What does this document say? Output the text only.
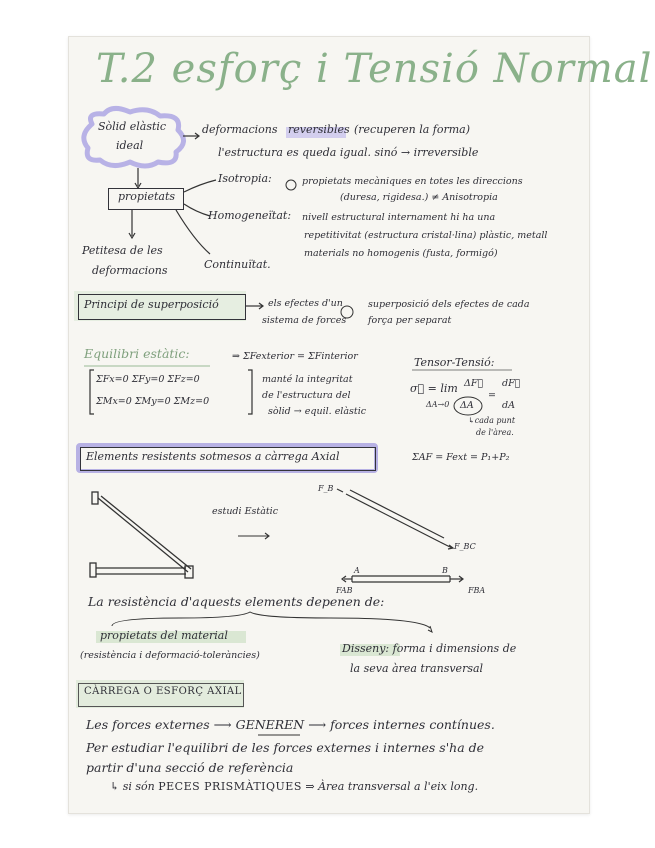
T.2 esforç i Tensió Normal
Sòlid elàstic
ideal
deformacions reversibles (recuperen la forma)
l'estructura es queda igual. sinó → irreversible
propietats
Isotropia:	propietats mecàniques en totes les direccions
(duresa, rigidesa.) ≠ Anisotropia
Homogeneïtat: nivell estructural internament hi ha una
repetitivitat (estructura cristal·lina) plàstic, metall
materials no homogenis (fusta, formigó)
Petitesa de les
deformacions	Continuïtat.
Principi de superposició	els efectes d'un
sistema de forces
superposició dels efectes de cada
força per separat
Equilibri estàtic:	⇒ ΣFexterior = ΣFinterior
ΣFx=0 ΣFy=0 ΣFz=0
ΣMx=0 ΣMy=0 ΣMz=0
manté la integritat
de l'estructura del
sòlid → equil. elàstic
Tensor-Tensió:
σ⃗ = lim
ΔA→0
ΔF⃗
ΔA
=
dF⃗
dA
↳cada punt
de l'àrea.
Elements resistents sotmesos a càrrega Axial	ΣAF = Fext = P₁+P₂
estudi Estàtic
F_B
F_BC
A	B
FAB	FBA
La resistència d'aquests elements depenen de:
propietats del material
(resistència i deformació-toleràncies)
Disseny: forma i dimensions de
la seva àrea transversal
CÀRREGA O ESFORÇ AXIAL
Les forces externes ⟶ GENEREN ⟶ forces internes contínues.
Per estudiar l'equilibri de les forces externes i internes s'ha de
partir d'una secció de referència
↳ si són PECES PRISMÀTIQUES ⇒ Àrea transversal a l'eix long.
